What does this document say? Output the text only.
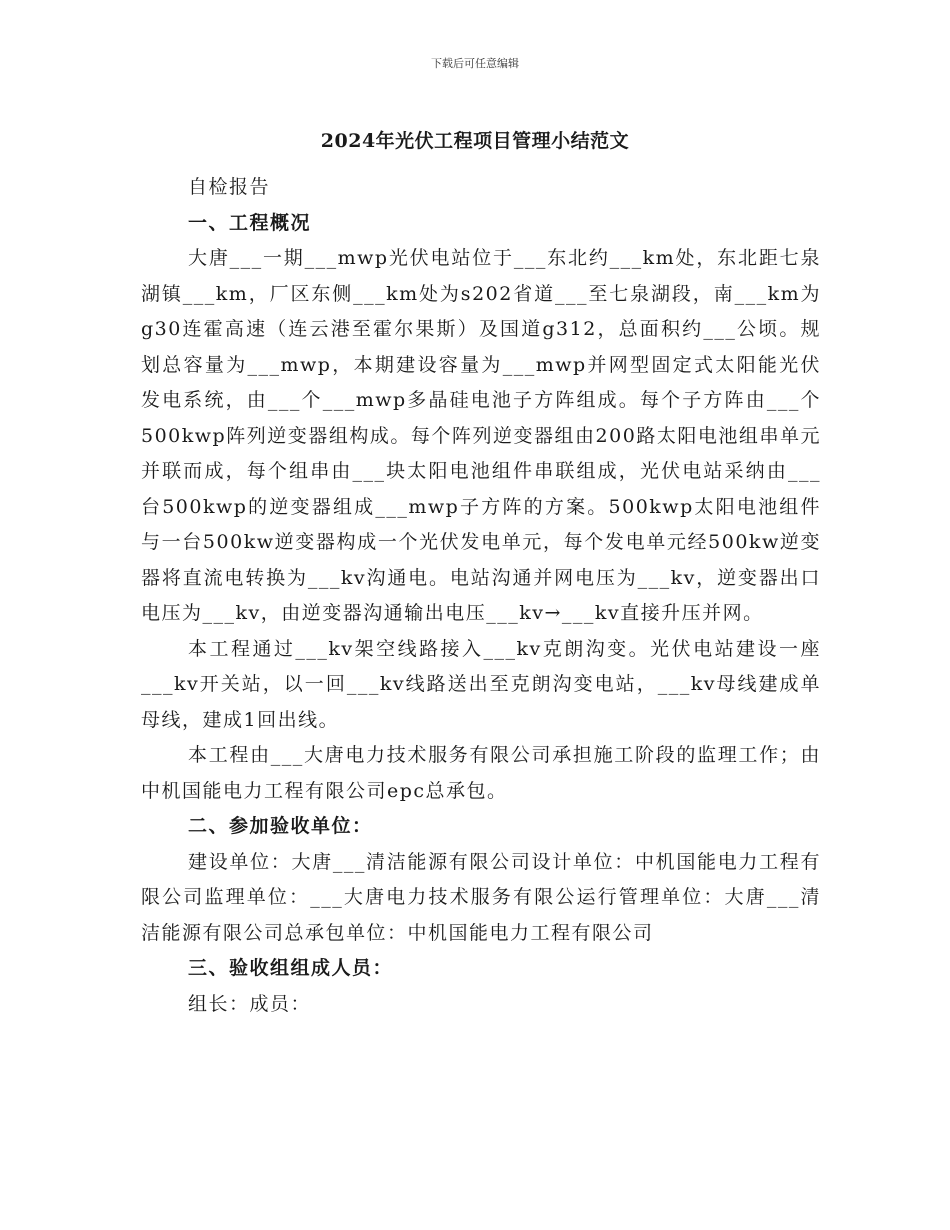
下载后可任意编辑
2024年光伏工程项目管理小结范文

自检报告

一、工程概况

大唐___一期___mwp光伏电站位于___东北约___km处，东北距七泉湖镇___km，厂区东侧___km处为s202省道___至七泉湖段，南___km为g30连霍高速（连云港至霍尔果斯）及国道g312，总面积约___公顷。规划总容量为___mwp，本期建设容量为___mwp并网型固定式太阳能光伏发电系统，由___个___mwp多晶硅电池子方阵组成。每个子方阵由___个500kwp阵列逆变器组构成。每个阵列逆变器组由200路太阳电池组串单元并联而成，每个组串由___块太阳电池组件串联组成，光伏电站采纳由___台500kwp的逆变器组成___mwp子方阵的方案。500kwp太阳电池组件与一台500kw逆变器构成一个光伏发电单元，每个发电单元经500kw逆变器将直流电转换为___kv沟通电。电站沟通并网电压为___kv，逆变器出口电压为___kv，由逆变器沟通输出电压___kv→___kv直接升压并网。

本工程通过___kv架空线路接入___kv克朗沟变。光伏电站建设一座___kv开关站，以一回___kv线路送出至克朗沟变电站，___kv母线建成单母线，建成1回出线。

本工程由___大唐电力技术服务有限公司承担施工阶段的监理工作；由中机国能电力工程有限公司epc总承包。

二、参加验收单位：

建设单位：大唐___清洁能源有限公司设计单位：中机国能电力工程有限公司监理单位：___大唐电力技术服务有限公运行管理单位：大唐___清洁能源有限公司总承包单位：中机国能电力工程有限公司

三、验收组组成人员：

组长：成员：
